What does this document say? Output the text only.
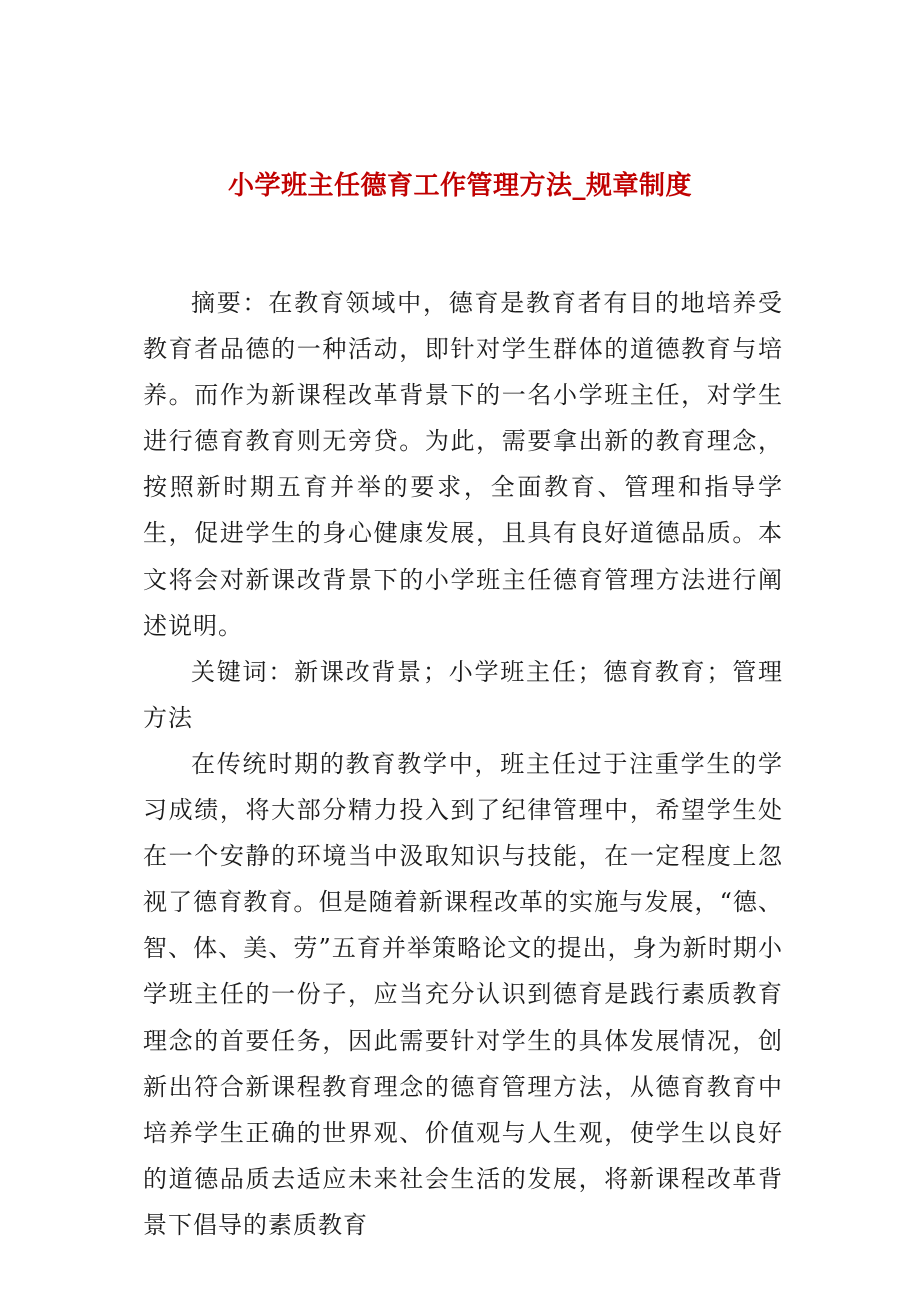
小学班主任德育工作管理方法_规章制度

摘要：在教育领域中，德育是教育者有目的地培养受教育者品德的一种活动，即针对学生群体的道德教育与培养。而作为新课程改革背景下的一名小学班主任，对学生进行德育教育则无旁贷。为此，需要拿出新的教育理念，按照新时期五育并举的要求，全面教育、管理和指导学生，促进学生的身心健康发展，且具有良好道德品质。本文将会对新课改背景下的小学班主任德育管理方法进行阐述说明。

关键词：新课改背景；小学班主任；德育教育；管理方法

在传统时期的教育教学中，班主任过于注重学生的学习成绩，将大部分精力投入到了纪律管理中，希望学生处在一个安静的环境当中汲取知识与技能，在一定程度上忽视了德育教育。但是随着新课程改革的实施与发展，“德、智、体、美、劳”五育并举策略论文的提出，身为新时期小学班主任的一份子，应当充分认识到德育是践行素质教育理念的首要任务，因此需要针对学生的具体发展情况，创新出符合新课程教育理念的德育管理方法，从德育教育中培养学生正确的世界观、价值观与人生观，使学生以良好的道德品质去适应未来社会生活的发展，将新课程改革背景下倡导的素质教育
